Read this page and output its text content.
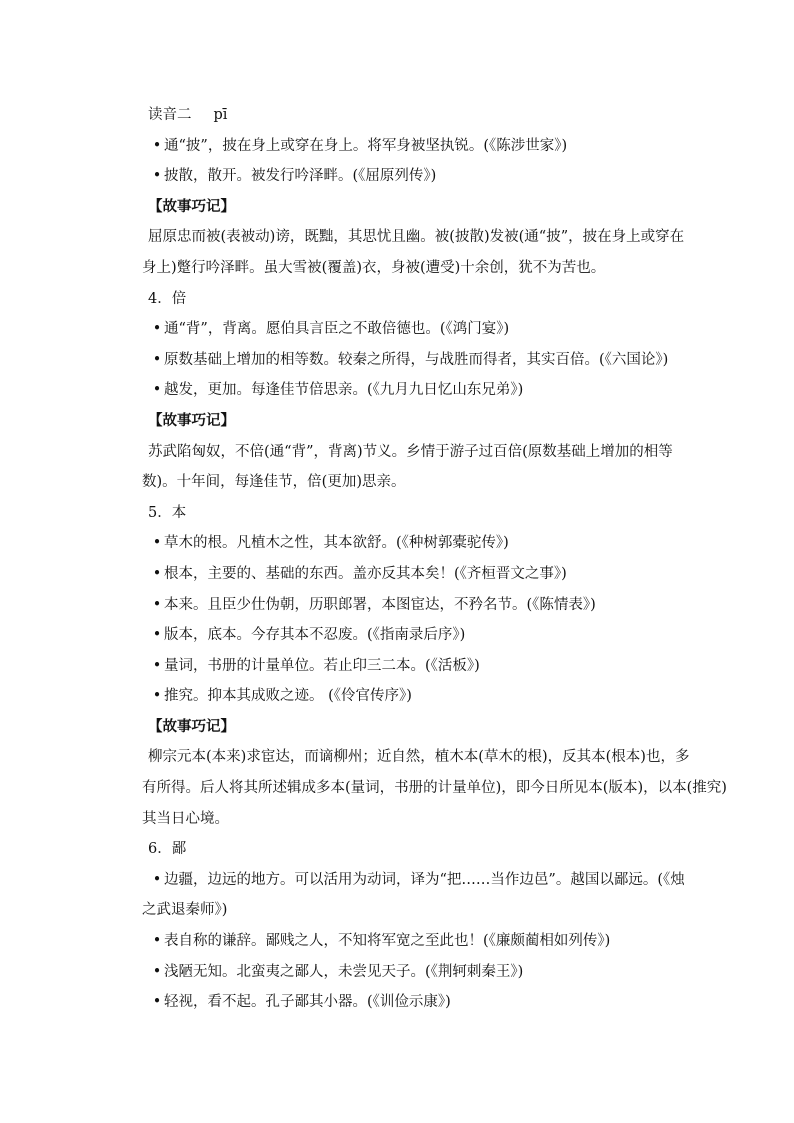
读音二 pī
• 通“披”，披在身上或穿在身上。将军身被坚执锐。(《陈涉世家》)
• 披散，散开。被发行吟泽畔。(《屈原列传》)
【故事巧记】
屈原忠而被(表被动)谤，既黜，其思忧且幽。被(披散)发被(通“披”，披在身上或穿在
身上)蹩行吟泽畔。虽大雪被(覆盖)衣，身被(遭受)十余创，犹不为苦也。
4．倍
• 通“背”，背离。愿伯具言臣之不敢倍德也。(《鸿门宴》)
• 原数基础上增加的相等数。较秦之所得，与战胜而得者，其实百倍。(《六国论》)
• 越发，更加。每逢佳节倍思亲。(《九月九日忆山东兄弟》)
【故事巧记】
苏武陷匈奴，不倍(通“背”，背离)节义。乡情于游子过百倍(原数基础上增加的相等
数)。十年间，每逢佳节，倍(更加)思亲。
5．本
• 草木的根。凡植木之性，其本欲舒。(《种树郭橐驼传》)
• 根本，主要的、基础的东西。盖亦反其本矣！(《齐桓晋文之事》)
• 本来。且臣少仕伪朝，历职郎署，本图宦达，不矜名节。(《陈情表》)
• 版本，底本。今存其本不忍废。(《指南录后序》)
• 量词，书册的计量单位。若止印三二本。(《活板》)
• 推究。抑本其成败之迹。 (《伶官传序》)
【故事巧记】
柳宗元本(本来)求宦达，而谪柳州；近自然，植木本(草木的根)，反其本(根本)也，多
有所得。后人将其所述辑成多本(量词，书册的计量单位)，即今日所见本(版本)，以本(推究)
其当日心境。
6．鄙
• 边疆，边远的地方。可以活用为动词，译为“把……当作边邑”。越国以鄙远。(《烛
之武退秦师》)
• 表自称的谦辞。鄙贱之人，不知将军宽之至此也！(《廉颇蔺相如列传》)
• 浅陋无知。北蛮夷之鄙人，未尝见天子。(《荆轲刺秦王》)
• 轻视，看不起。孔子鄙其小器。(《训俭示康》)
